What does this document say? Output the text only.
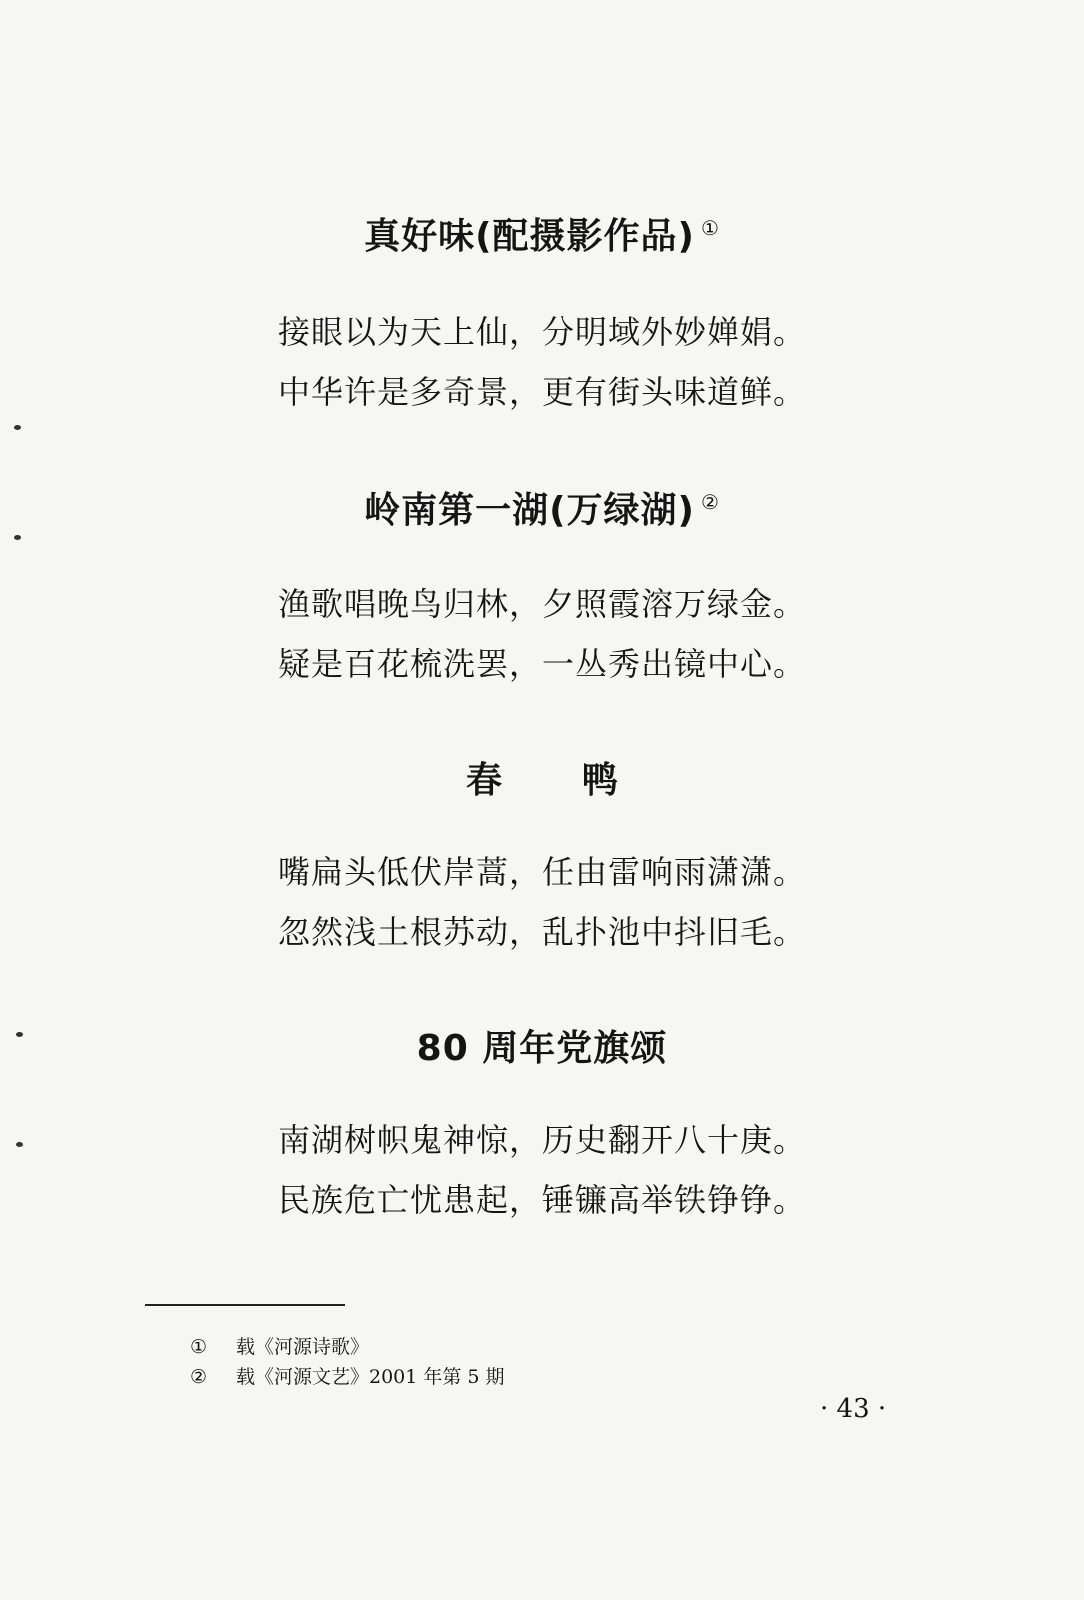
真好味(配摄影作品) ①
接眼以为天上仙，分明域外妙婵娟。
中华许是多奇景，更有街头味道鲜。
岭南第一湖(万绿湖) ②
渔歌唱晚鸟归林，夕照霞溶万绿金。
疑是百花梳洗罢，一丛秀出镜中心。
春鸭
嘴扁头低伏岸蒿，任由雷响雨潇潇。
忽然浅土根苏动，乱扑池中抖旧毛。
80 周年党旗颂
南湖树帜鬼神惊，历史翻开八十庚。
民族危亡忧患起，锤镰高举铁铮铮。
① 载《河源诗歌》
② 载《河源文艺》2001 年第 5 期
· 43 ·
